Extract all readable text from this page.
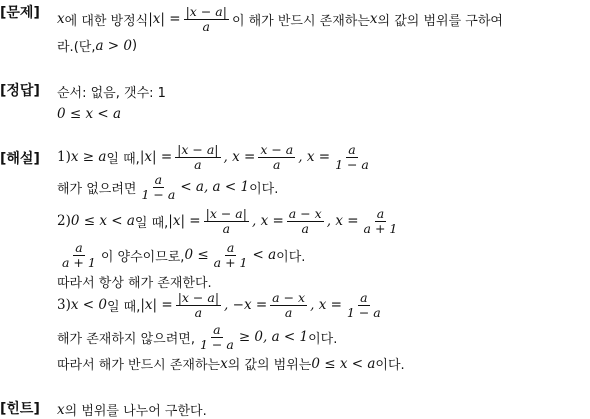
[문제] x 에 대한 방정식 $|x| = \frac{|x - a|}{a}$ 이 해가 반드시 존재하는 x 의 값의 범위를 구하여
라.(단, a > 0 )
[정답] 순서: 없음, 갯수: 1
0 ≤ x < a
[해설] 1) x ≥ a 일 때, $|x| = \frac{|x - a|}{a}$ , $x = \frac{x - a}{a}$ , $x = \frac{a}{1 - a}$
해가 없으려면 $\frac{a}{1 - a} < a$, a < 1 이다.
2) 0 ≤ x < a 일 때, $|x| = \frac{|x - a|}{a}$ , $x = \frac{a - x}{a}$ , $x = \frac{a}{a + 1}$
$\frac{a}{a + 1}$ 이 양수이므로, $0 \le \frac{a}{a + 1} < a$ 이다.
따라서 항상 해가 존재한다.
3) x < 0 일 때, $|x| = \frac{|x - a|}{a}$ , $-x = \frac{a - x}{a}$ , $x = \frac{a}{1 - a}$
해가 존재하지 않으려면, $\frac{a}{1 - a} \ge 0$, a < 1 이다.
따라서 해가 반드시 존재하는 x 의 값의 범위는 0 ≤ x < a 이다.
[힌트] x 의 범위를 나누어 구한다.
